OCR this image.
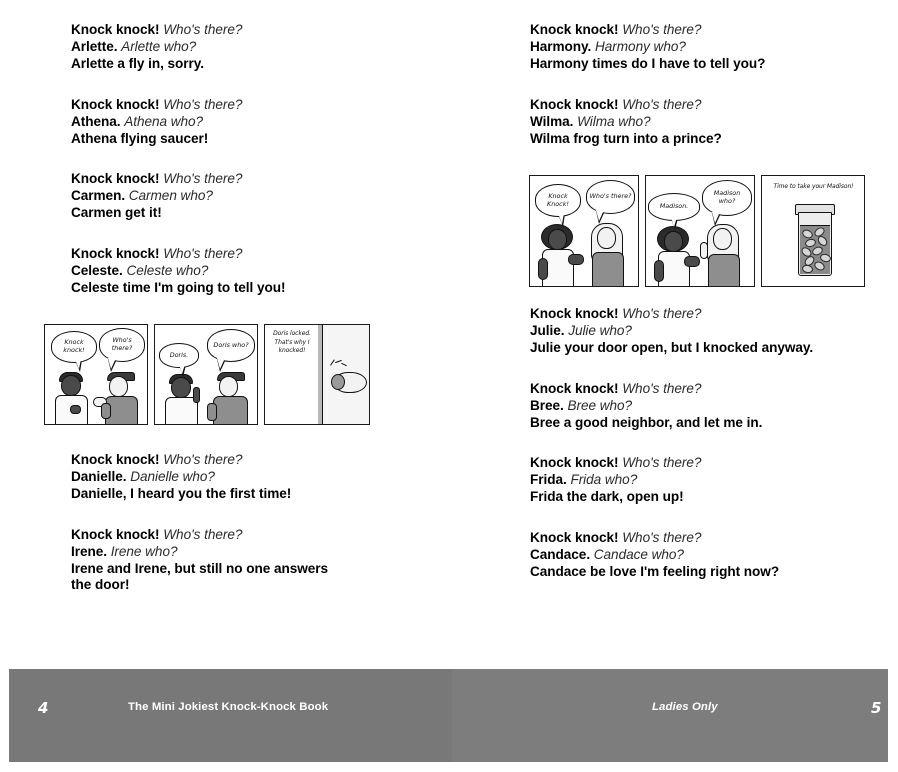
Knock knock! Who's there?
Arlette. Arlette who?
Arlette a fly in, sorry.
Knock knock! Who's there?
Athena. Athena who?
Athena flying saucer!
Knock knock! Who's there?
Carmen. Carmen who?
Carmen get it!
Knock knock! Who's there?
Celeste. Celeste who?
Celeste time I'm going to tell you!
Knock knock!
Who's there?
Doris.
Doris who?
Doris locked. That's why I knocked!
Knock knock! Who's there?
Danielle. Danielle who?
Danielle, I heard you the first time!
Knock knock! Who's there?
Irene. Irene who?
Irene and Irene, but still no one answers the door!
Knock knock! Who's there?
Harmony. Harmony who?
Harmony times do I have to tell you?
Knock knock! Who's there?
Wilma. Wilma who?
Wilma frog turn into a prince?
Knock Knock!
Who's there?
Madison.
Madison who?
Time to take your Madison!
Knock knock! Who's there?
Julie. Julie who?
Julie your door open, but I knocked anyway.
Knock knock! Who's there?
Bree. Bree who?
Bree a good neighbor, and let me in.
Knock knock! Who's there?
Frida. Frida who?
Frida the dark, open up!
Knock knock! Who's there?
Candace. Candace who?
Candace be love I'm feeling right now?
4	The Mini Jokiest Knock-Knock Book	Ladies Only	5
